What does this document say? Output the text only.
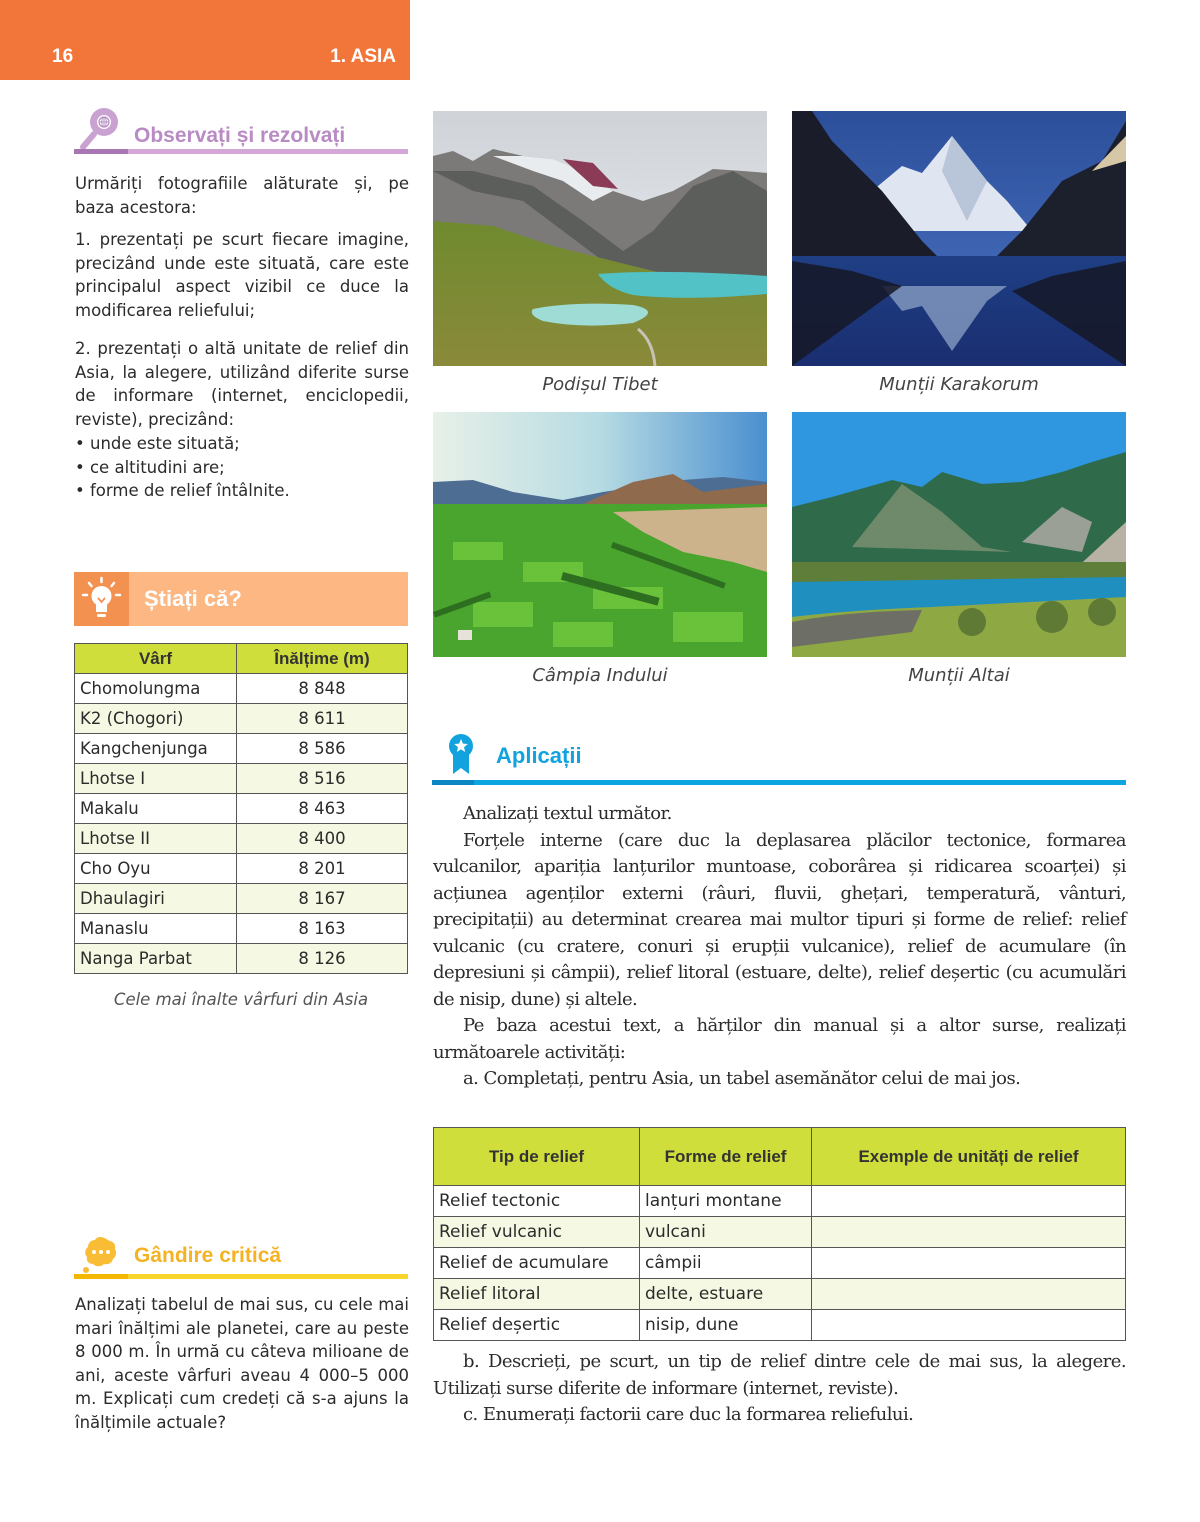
16	1. ASIA
Observați și rezolvați

Urmăriți fotografiile alăturate și, pe baza acestora:

1. prezentați pe scurt fiecare imagine, precizând unde este situată, care este principalul aspect vizibil ce duce la modificarea reliefului;

2. prezentați o altă unitate de relief din Asia, la alegere, utilizând diferite surse de informare (internet, enciclopedii, reviste), precizând:

• unde este situată;
• ce altitudini are;
• forme de relief întâlnite.
Știați că?
Vârf	Înălțime (m)
Chomolungma	8 848
K2 (Chogori)	8 611
Kangchenjunga	8 586
Lhotse I	8 516
Makalu	8 463
Lhotse II	8 400
Cho Oyu	8 201
Dhaulagiri	8 167
Manaslu	8 163
Nanga Parbat	8 126

Cele mai înalte vârfuri din Asia

Gândire critică

Analizați tabelul de mai sus, cu cele mai mari înălțimi ale planetei, care au peste 8 000 m. În urmă cu câteva milioane de ani, aceste vârfuri aveau 4 000–5 000 m. Explicați cum credeți că s-a ajuns la înălțimile actuale?

Podișul Tibet	Munții Karakorum

Câmpia Indului	Munții Altai

Aplicații

Analizați textul următor.

Forțele interne (care duc la deplasarea plăcilor tectonice, formarea vulcanilor, apariția lanțurilor muntoase, coborârea și ridicarea scoarței) și acțiunea agenților externi (râuri, fluvii, ghețari, temperatură, vânturi, precipitații) au determinat crearea mai multor tipuri și forme de relief: relief vulcanic (cu cratere, conuri și erupții vulcanice), relief de acumulare (în depresiuni și câmpii), relief litoral (estuare, delte), relief deșertic (cu acumulări de nisip, dune) și altele.

Pe baza acestui text, a hărților din manual și a altor surse, realizați următoarele activități:

a. Completați, pentru Asia, un tabel asemănător celui de mai jos.

Tip de relief	Forme de relief	Exemple de unități de relief
Relief tectonic	lanțuri montane	
Relief vulcanic	vulcani	
Relief de acumulare	câmpii	
Relief litoral	delte, estuare	
Relief deșertic	nisip, dune	

b. Descrieți, pe scurt, un tip de relief dintre cele de mai sus, la alegere. Utilizați surse diferite de informare (internet, reviste).

c. Enumerați factorii care duc la formarea reliefului.
